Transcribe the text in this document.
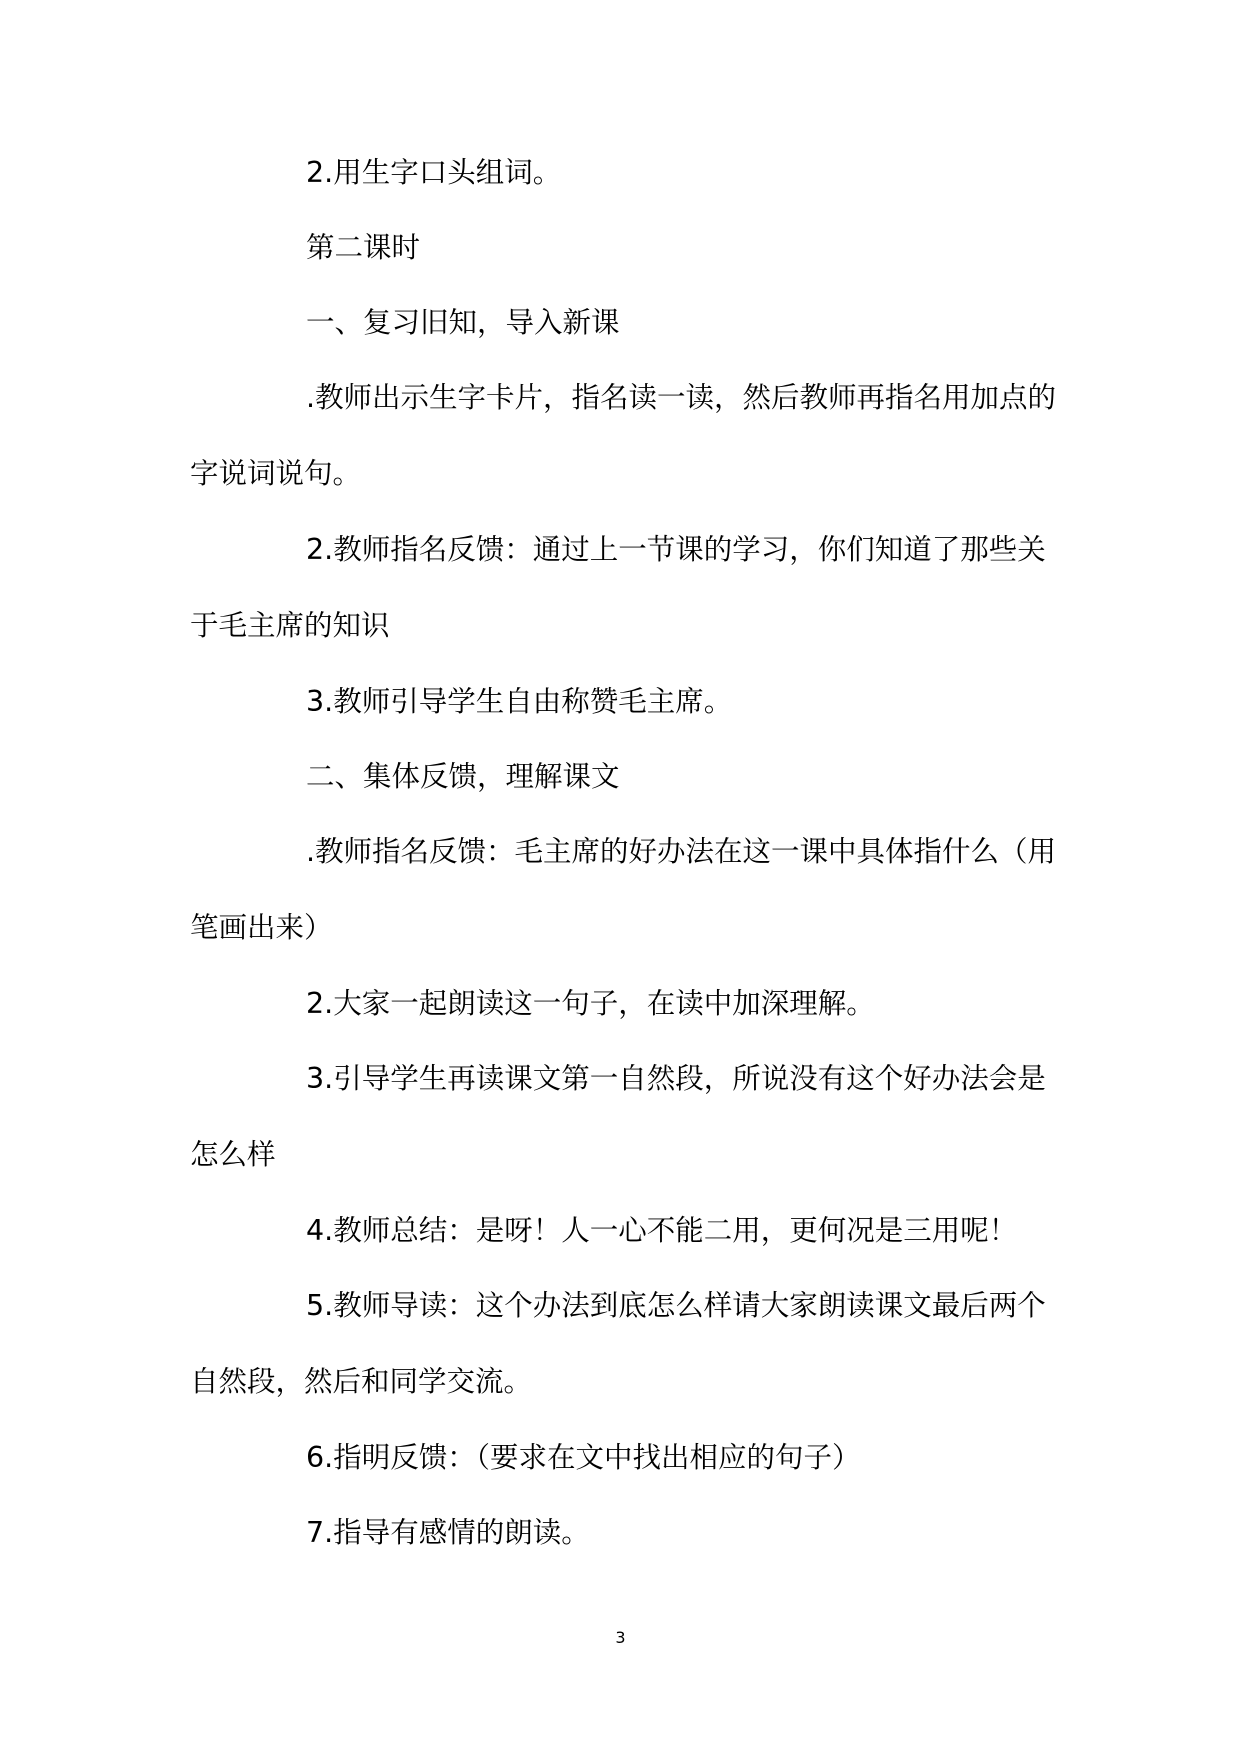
2.用生字口头组词。

第二课时

一、复习旧知，导入新课

.教师出示生字卡片，指名读一读，然后教师再指名用加点的字说词说句。

2.教师指名反馈：通过上一节课的学习，你们知道了那些关于毛主席的知识

3.教师引导学生自由称赞毛主席。

二、集体反馈，理解课文

.教师指名反馈：毛主席的好办法在这一课中具体指什么（用笔画出来）

2.大家一起朗读这一句子，在读中加深理解。

3.引导学生再读课文第一自然段，所说没有这个好办法会是怎么样

4.教师总结：是呀！人一心不能二用，更何况是三用呢！

5.教师导读：这个办法到底怎么样请大家朗读课文最后两个自然段，然后和同学交流。

6.指明反馈：（要求在文中找出相应的句子）

7.指导有感情的朗读。

3
